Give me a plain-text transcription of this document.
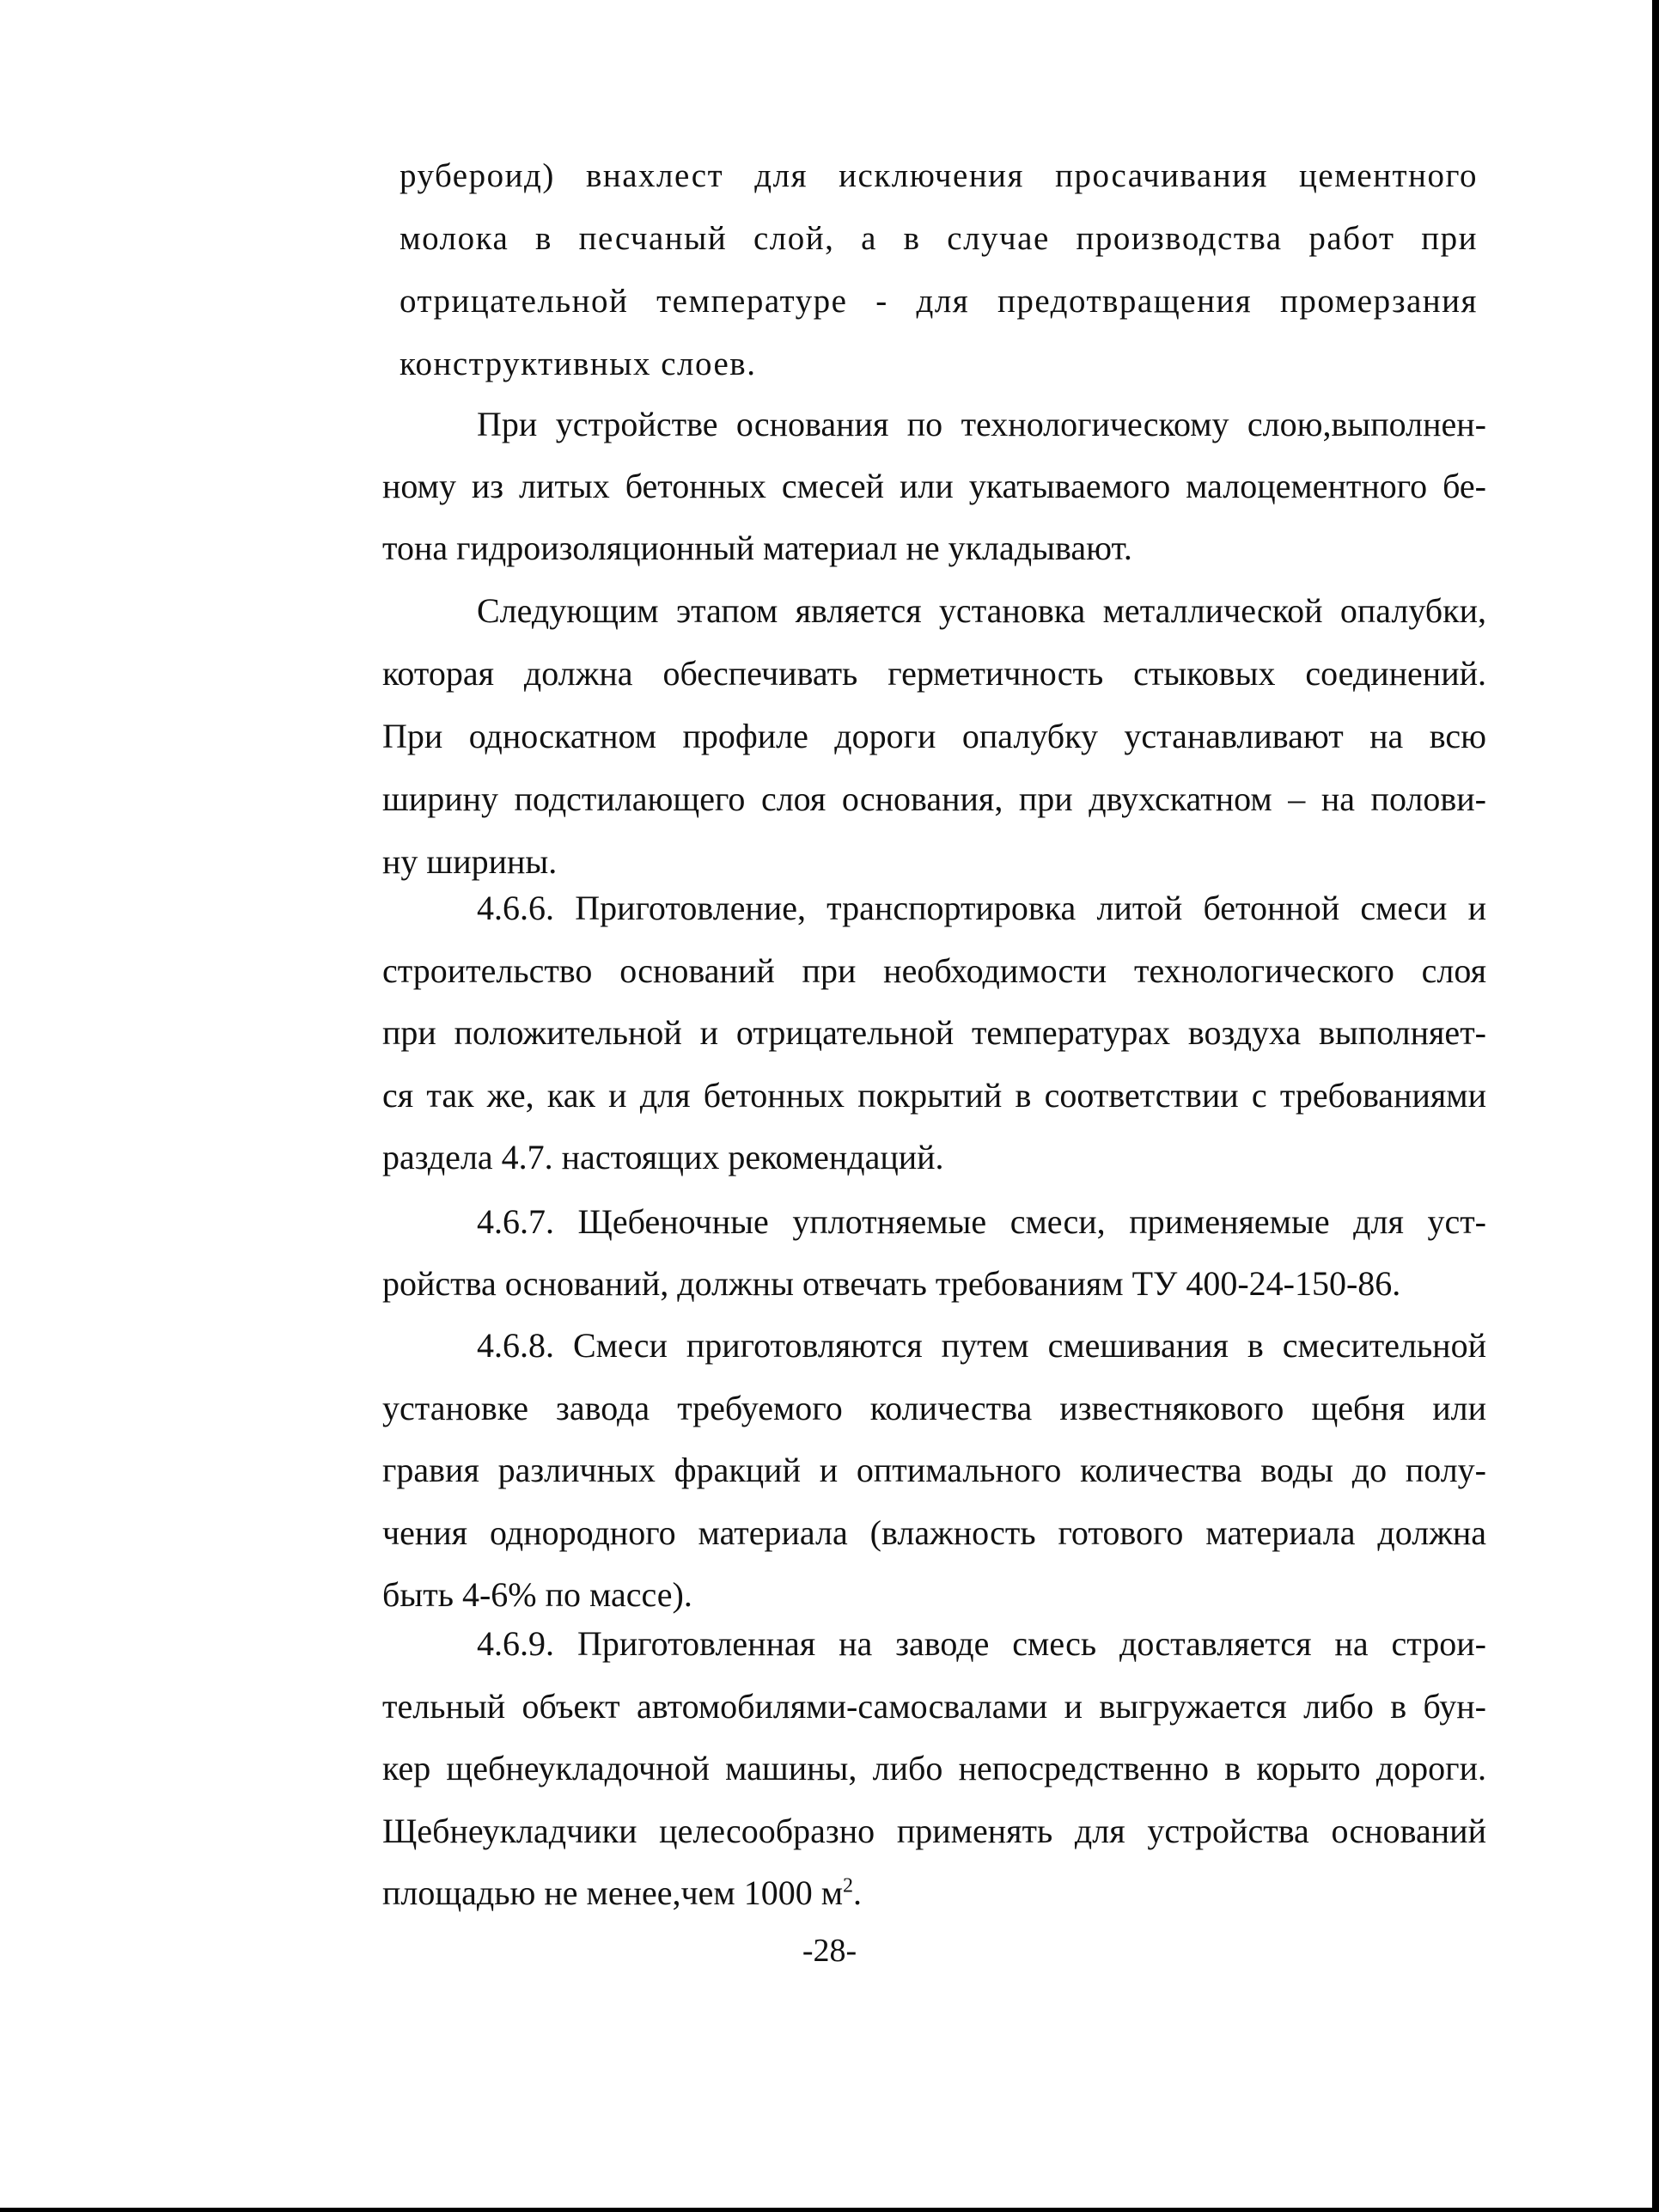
рубероид) внахлест для исключения просачивания цементного
молока в песчаный слой, а в случае производства работ при
отрицательной температуре - для предотвращения промерзания
конструктивных слоев.
При устройстве основания по технологическому слою,выполнен-
ному из литых бетонных смесей или укатываемого малоцементного бе-
тона гидроизоляционный материал не укладывают.
Следующим этапом является установка металлической опалубки,
которая должна обеспечивать герметичность стыковых соединений.
При односкатном профиле дороги опалубку устанавливают на всю
ширину подстилающего слоя основания, при двухскатном – на полови-
ну ширины.
4.6.6. Приготовление, транспортировка литой бетонной смеси и
строительство оснований при необходимости технологического слоя
при положительной и отрицательной температурах воздуха выполняет-
ся так же, как и для бетонных покрытий в соответствии с требованиями
раздела 4.7. настоящих рекомендаций.
4.6.7. Щебеночные уплотняемые смеси, применяемые для уст-
ройства оснований, должны отвечать требованиям ТУ 400-24-150-86.
4.6.8. Смеси приготовляются путем смешивания в смесительной
установке завода требуемого количества известнякового щебня или
гравия различных фракций и оптимального количества воды до полу-
чения однородного материала (влажность готового материала должна
быть 4-6% по массе).
4.6.9. Приготовленная на заводе смесь доставляется на строи-
тельный объект автомобилями-самосвалами и выгружается либо в бун-
кер щебнеукладочной машины, либо непосредственно в корыто дороги.
Щебнеукладчики целесообразно применять для устройства оснований
площадью не менее,чем 1000 $м^2$.
-28-
